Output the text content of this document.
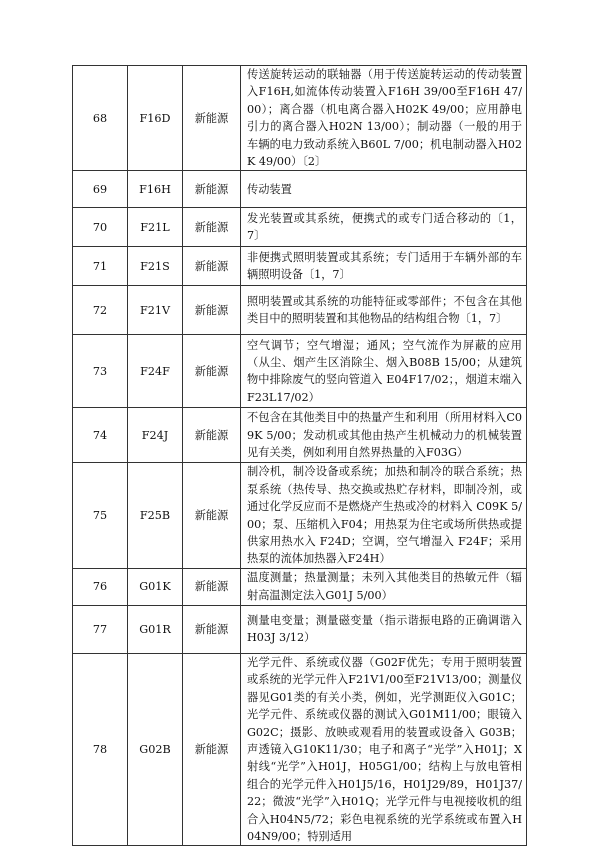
68	F16D	新能源	传送旋转运动的联轴器（用于传送旋转运动的传动装置入F16H,如流体传动装置入F16H 39/00至F16H 47/00）；离合器（机电离合器入H02K 49/00；应用静电引力的离合器入H02N 13/00）；制动器（一般的用于车辆的电力致动系统入B60L 7/00；机电制动器入H02K 49/00）〔2〕

69	F16H	新能源	传动装置

70	F21L	新能源	发光装置或其系统，便携式的或专门适合移动的〔1，7〕

71	F21S	新能源	非便携式照明装置或其系统；专门适用于车辆外部的车辆照明设备〔1，7〕

72	F21V	新能源	照明装置或其系统的功能特征或零部件；不包含在其他类目中的照明装置和其他物品的结构组合物〔1，7〕

73	F24F	新能源	空气调节；空气增湿；通风；空气流作为屏蔽的应用（从尘、烟产生区消除尘、烟入B08B 15/00；从建筑物中排除废气的竖向管道入 E04F17/02；，烟道末端入F23L17/02）

74	F24J	新能源	不包含在其他类目中的热量产生和利用（所用材料入C09K 5/00；发动机或其他由热产生机械动力的机械装置见有关类，例如利用自然界热量的入F03G）

75	F25B	新能源	制冷机，制冷设备或系统；加热和制冷的联合系统；热泵系统（热传导、热交换或热贮存材料，即制冷剂，或通过化学反应而不是燃烧产生热或冷的材料入 C09K 5/00；泵、压缩机入F04；用热泵为住宅或场所供热或提供家用热水入 F24D；空调，空气增湿入 F24F；采用热泵的流体加热器入F24H）

76	G01K	新能源	温度测量；热量测量；未列入其他类目的热敏元件（辐射高温测定法入G01J 5/00）

77	G01R	新能源	测量电变量；测量磁变量（指示谐振电路的正确调谐入H03J 3/12）

78	G02B	新能源	光学元件、系统或仪器（G02F优先；专用于照明装置或系统的光学元件入F21V1/00至F21V13/00；测量仪器见G01类的有关小类，例如，光学测距仪入G01C；光学元件、系统或仪器的测试入G01M11/00；眼镜入G02C；摄影、放映或观看用的装置或设备入 G03B；声透镜入G10K11/30；电子和离子“光学”入H01J；X射线“光学”入H01J，H05G1/00；结构上与放电管相组合的光学元件入H01J5/16，H01J29/89，H01J37/22；微波“光学”入H01Q；光学元件与电视接收机的组合入H04N5/72；彩色电视系统的光学系统或布置入H04N9/00；特别适用
